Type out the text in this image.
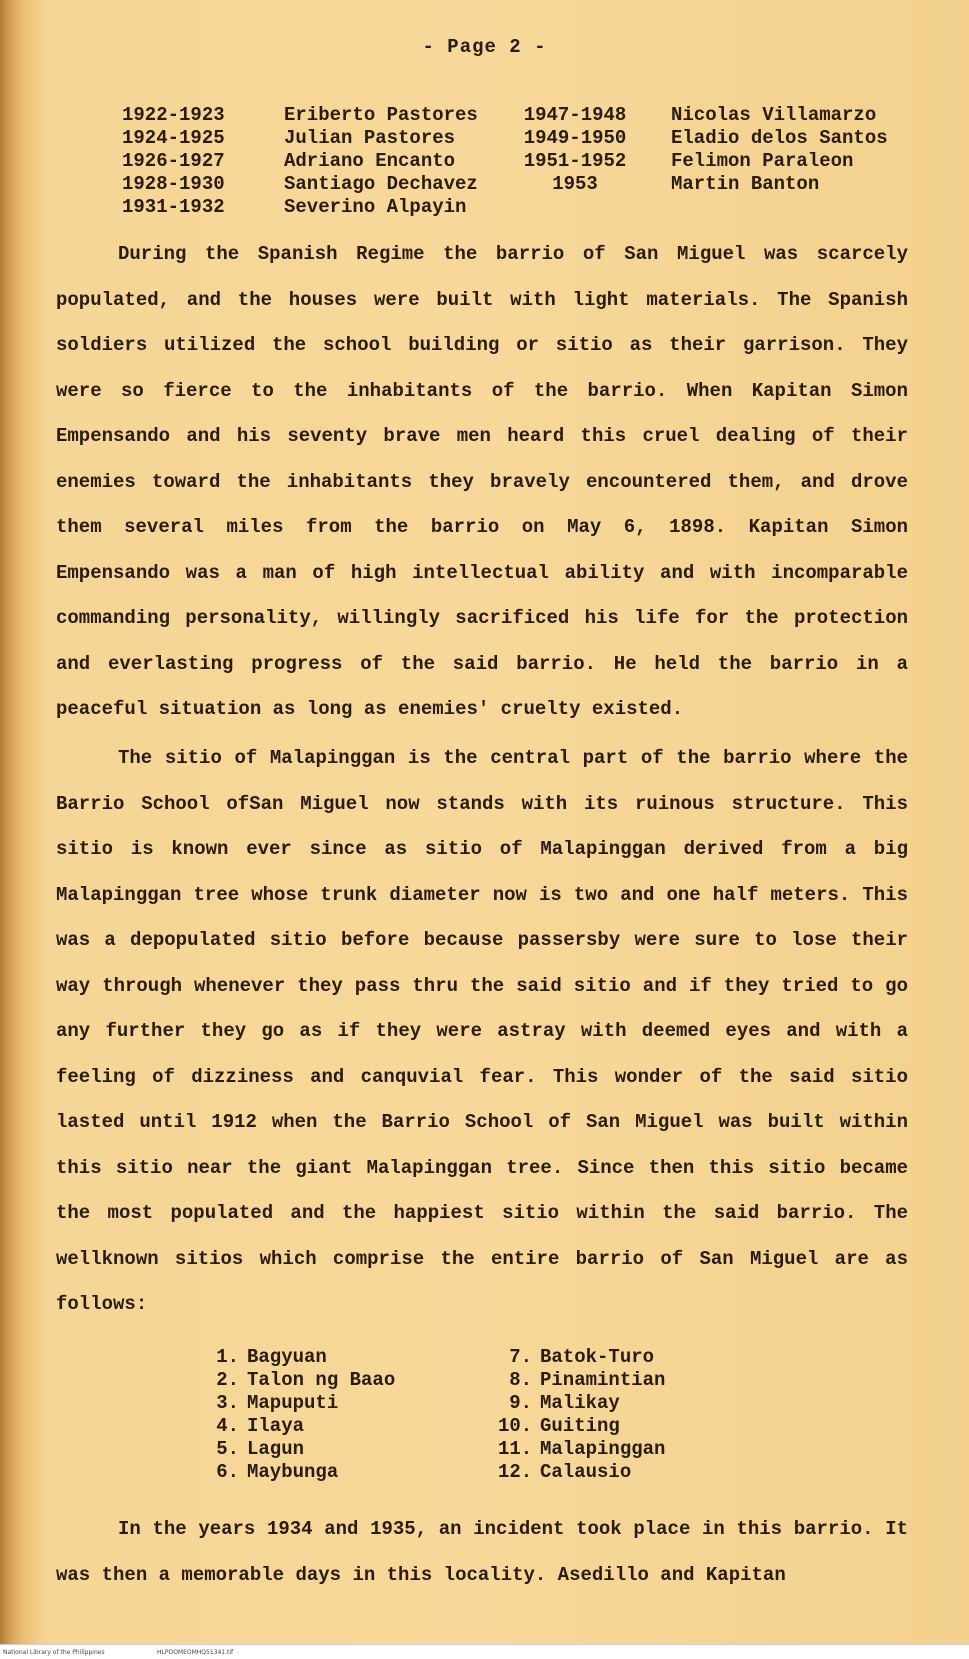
- Page 2 -
1922-1923
1924-1925
1926-1927
1928-1930
1931-1932
Eriberto Pastores
Julian Pastores
Adriano Encanto
Santiago Dechavez
Severino Alpayin
1947-1948
1949-1950
1951-1952
1953
Nicolas Villamarzo
Eladio delos Santos
Felimon Paraleon
Martin Banton

During the Spanish Regime the barrio of San Miguel was scarcely populated, and the houses were built with light materials. The Spanish soldiers utilized the school building or sitio as their garrison. They were so fierce to the inhabitants of the barrio. When Kapitan Simon Empensando and his seventy brave men heard this cruel dealing of their enemies toward the inhabitants they bravely encountered them, and drove them several miles from the barrio on May 6, 1898. Kapitan Simon Empensando was a man of high intellectual ability and with incomparable commanding personality, willingly sacrificed his life for the protection and everlasting progress of the said barrio. He held the barrio in a peaceful situation as long as enemies' cruelty existed.

The sitio of Malapinggan is the central part of the barrio where the Barrio School ofSan Miguel now stands with its ruinous structure. This sitio is known ever since as sitio of Malapinggan derived from a big Malapinggan tree whose trunk diameter now is two and one half meters. This was a depopulated sitio before because passersby were sure to lose their way through whenever they pass thru the said sitio and if they tried to go any further they go as if they were astray with deemed eyes and with a feeling of dizziness and canquvial fear. This wonder of the said sitio lasted until 1912 when the Barrio School of San Miguel was built within this sitio near the giant Malapinggan tree. Since then this sitio became the most populated and the happiest sitio within the said barrio. The wellknown sitios which comprise the entire barrio of San Miguel are as follows:

1. Bagyuan
2. Talon ng Baao
3. Mapuputi
4. Ilaya
5. Lagun
6. Maybunga
7. Batok-Turo
8. Pinamintian
9. Malikay
10. Guiting
11. Malapinggan
12. Calausio

In the years 1934 and 1935, an incident took place in this barrio. It was then a memorable days in this locality. Asedillo and Kapitan

National Library of the Philippines	HLPOOMEOMHQ51341.tif
